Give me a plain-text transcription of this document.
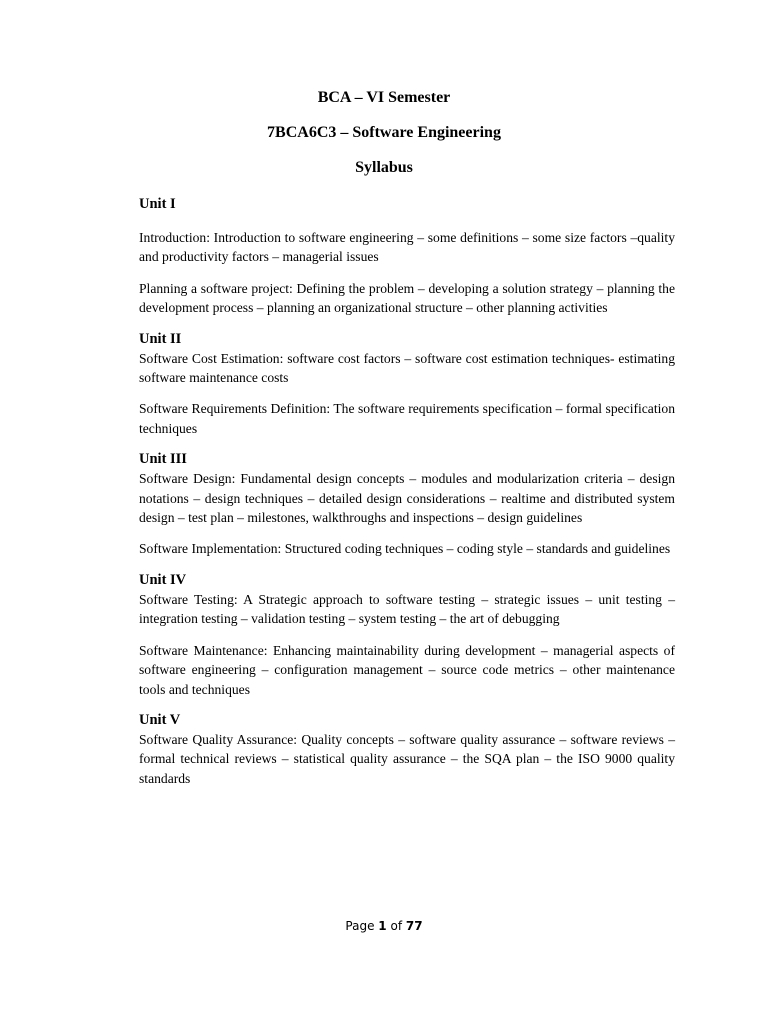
BCA – VI Semester
7BCA6C3 – Software Engineering
Syllabus
Unit I

Introduction: Introduction to software engineering – some definitions – some size factors –quality and productivity factors – managerial issues

Planning a software project: Defining the problem – developing a solution strategy – planning the development process – planning an organizational structure – other planning activities

Unit II

Software Cost Estimation: software cost factors – software cost estimation techniques- estimating software maintenance costs

Software Requirements Definition: The software requirements specification – formal specification techniques

Unit III

Software Design: Fundamental design concepts – modules and modularization criteria – design notations – design techniques – detailed design considerations – realtime and distributed system design – test plan – milestones, walkthroughs and inspections – design guidelines

Software Implementation: Structured coding techniques – coding style – standards and guidelines

Unit IV

Software Testing: A Strategic approach to software testing – strategic issues – unit testing –integration testing – validation testing – system testing – the art of debugging

Software Maintenance: Enhancing maintainability during development – managerial aspects of software engineering – configuration management – source code metrics – other maintenance tools and techniques

Unit V

Software Quality Assurance: Quality concepts – software quality assurance – software reviews – formal technical reviews – statistical quality assurance – the SQA plan – the ISO 9000 quality standards

Page 1 of 77
